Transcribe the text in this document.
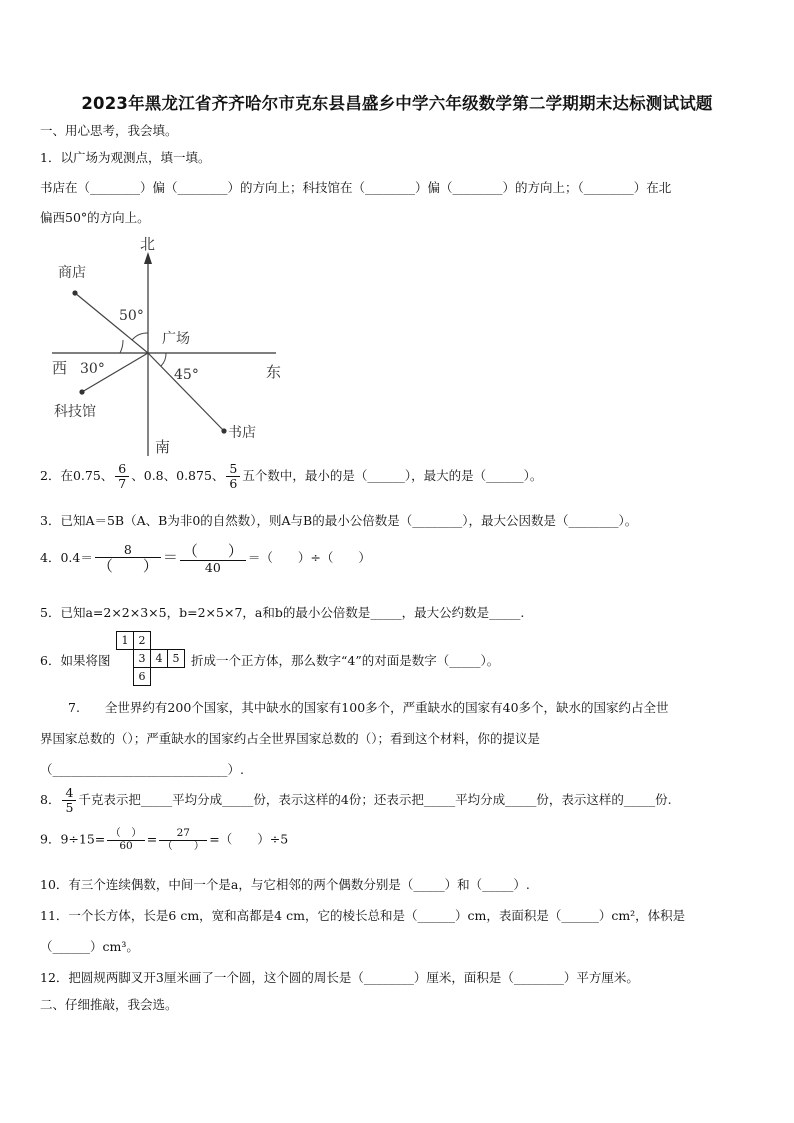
2023年黑龙江省齐齐哈尔市克东县昌盛乡中学六年级数学第二学期期末达标测试试题
一、用心思考，我会填。
1．以广场为观测点，填一填。
书店在（________）偏（________）的方向上；科技馆在（________）偏（________）的方向上；（________）在北
偏西50°的方向上。
北
西	东
南
广场
商店
科技馆
书店
50°
30°	45°
2．在0.75、 $\frac{6}{7}$ 、0.8、0.875、 $\frac{5}{6}$ 五个数中，最小的是（______），最大的是（______）。
3．已知A＝5B（A、B为非0的自然数），则A与B的最小公倍数是（________），最大公因数是（________）。
4．$0.4= \frac{8}{( )} = \frac{( )}{40}$ ＝（　　）÷（　　）
5．已知a=2×2×3×5，b=2×5×7，a和b的最小公倍数是_____，最大公约数是_____.
6．如果将图
1	2		
	3	4	5
	6		
折成一个正方体，那么数字“4”的对面是数字（_____）。
7.　　全世界约有200个国家，其中缺水的国家有100多个，严重缺水的国家有40多个，缺水的国家约占全世
界国家总数的（）；严重缺水的国家约占全世界国家总数的（）；看到这个材料，你的提议是
（____________________________）.
8． $\frac{4}{5}$ 千克表示把_____平均分成_____份，表示这样的4份；还表示把_____平均分成_____份，表示这样的_____份.
9．$9\div 15= \frac{( )}{60} = \frac{27}{( )}$ =（　　）÷5
10．有三个连续偶数，中间一个是a，与它相邻的两个偶数分别是（_____）和（_____）.
11．一个长方体，长是6 cm，宽和高都是4 cm，它的棱长总和是（______）cm，表面积是（______）cm²，体积是
（______）cm³。
12．把圆规两脚叉开3厘米画了一个圆，这个圆的周长是（________）厘米，面积是（________）平方厘米。
二、仔细推敲，我会选。
